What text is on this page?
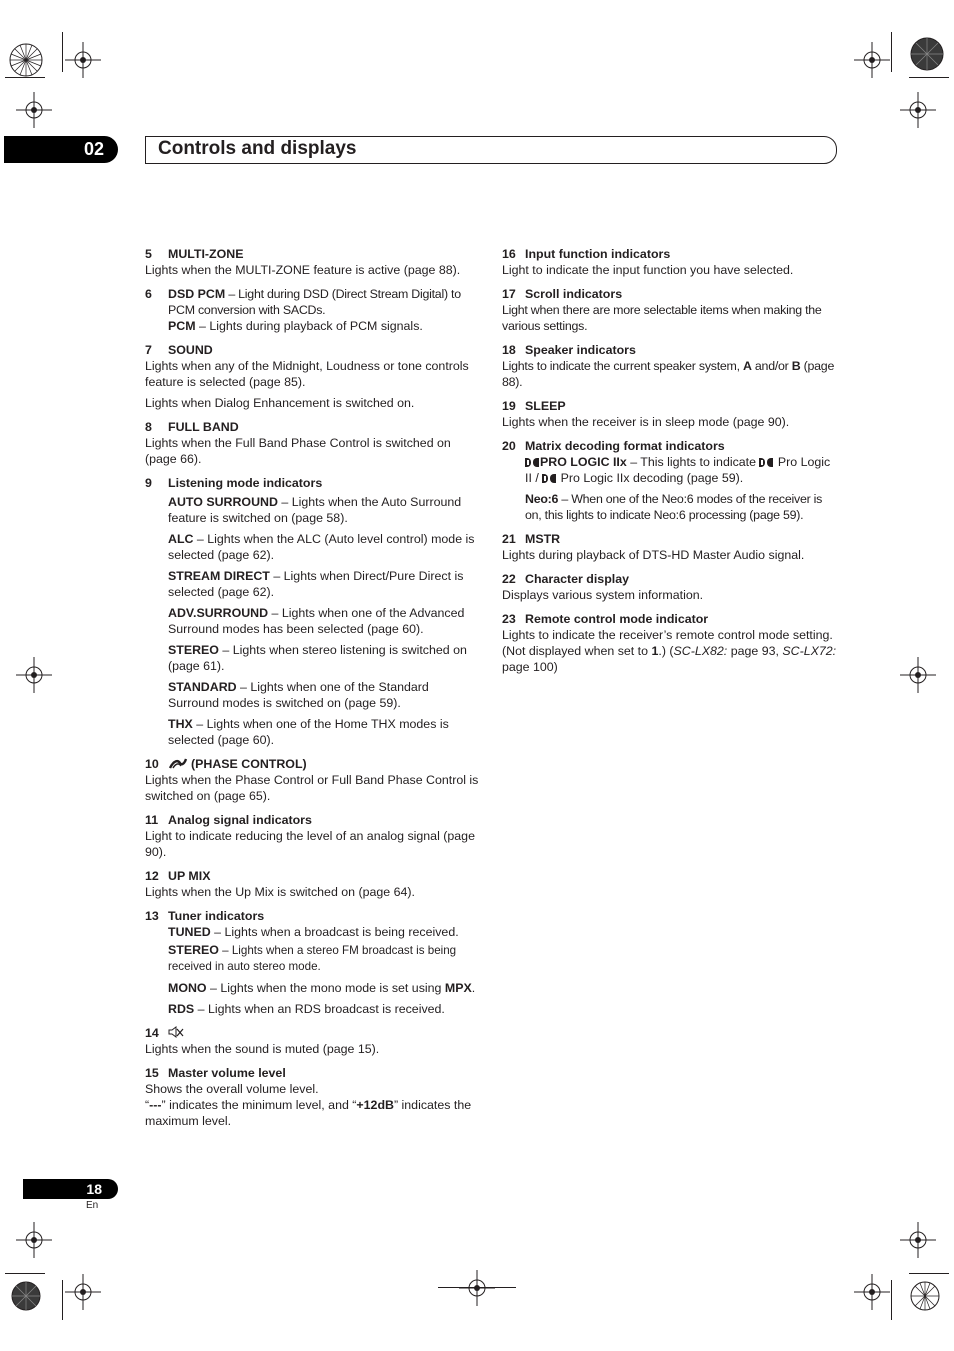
02	Controls and displays
5 MULTI-ZONE
Lights when the MULTI-ZONE feature is active (page 88).
6	DSD PCM – Light during DSD (Direct Stream Digital) to PCM conversion with SACDs.
PCM – Lights during playback of PCM signals.
7 SOUND
Lights when any of the Midnight, Loudness or tone controls feature is selected (page 85).
Lights when Dialog Enhancement is switched on.
8 FULL BAND
Lights when the Full Band Phase Control is switched on (page 66).
9 Listening mode indicators
AUTO SURROUND – Lights when the Auto Surround feature is switched on (page 58).
ALC – Lights when the ALC (Auto level control) mode is selected (page 62).
STREAM DIRECT – Lights when Direct/Pure Direct is selected (page 62).
ADV.SURROUND – Lights when one of the Advanced Surround modes has been selected (page 60).
STEREO – Lights when stereo listening is switched on (page 61).
STANDARD – Lights when one of the Standard Surround modes is switched on (page 59).
THX – Lights when one of the Home THX modes is selected (page 60).
10	(PHASE CONTROL)
Lights when the Phase Control or Full Band Phase Control is switched on (page 65).
11 Analog signal indicators
Light to indicate reducing the level of an analog signal (page 90).
12 UP MIX
Lights when the Up Mix is switched on (page 64).
13 Tuner indicators
TUNED – Lights when a broadcast is being received.
STEREO – Lights when a stereo FM broadcast is being received in auto stereo mode.
MONO – Lights when the mono mode is set using MPX.
RDS – Lights when an RDS broadcast is received.
14
Lights when the sound is muted (page 15).
15 Master volume level
Shows the overall volume level.
“---” indicates the minimum level, and “+12dB” indicates the maximum level.
16 Input function indicators
Light to indicate the input function you have selected.
17 Scroll indicators
Light when there are more selectable items when making the various settings.
18 Speaker indicators
Lights to indicate the current speaker system, A and/or B (page 88).
19 SLEEP
Lights when the receiver is in sleep mode (page 90).
20 Matrix decoding format indicators
PRO LOGIC IIx – This lights to indicate
Pro Logic II /
Pro Logic IIx decoding (page 59).
Neo:6 – When one of the Neo:6 modes of the receiver is on, this lights to indicate Neo:6 processing (page 59).
21 MSTR
Lights during playback of DTS-HD Master Audio signal.
22 Character display
Displays various system information.
23 Remote control mode indicator
Lights to indicate the receiver’s remote control mode setting. (Not displayed when set to 1.) (SC-LX82: page 93, SC-LX72: page 100)
18
En
